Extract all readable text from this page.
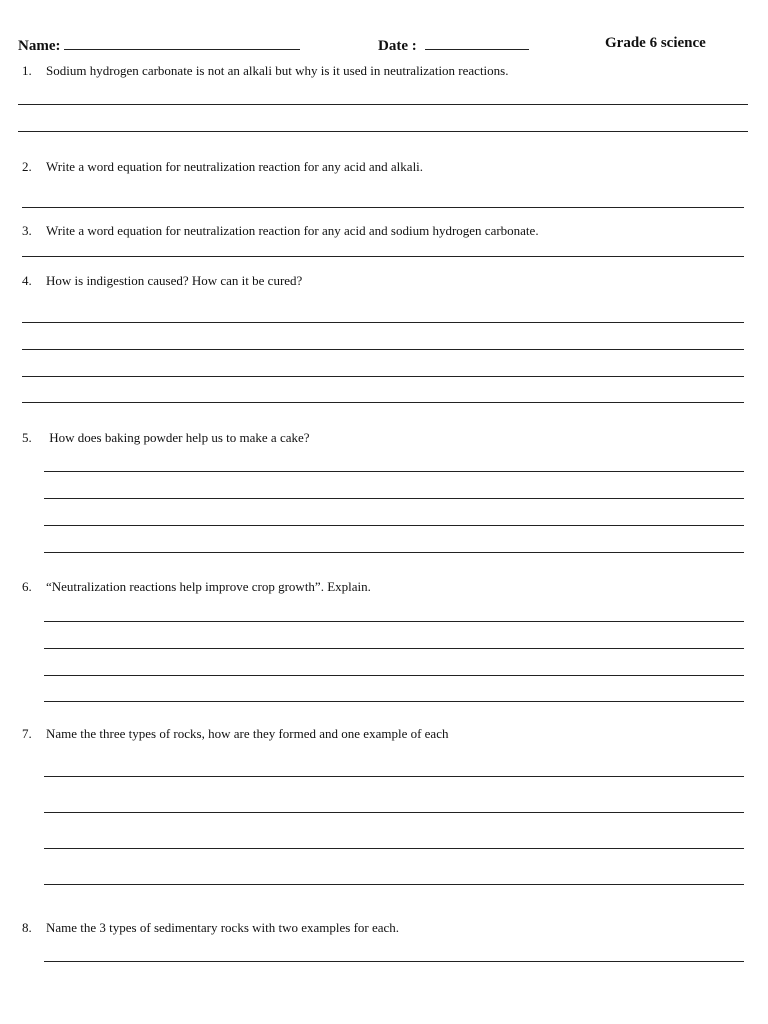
Name:	Date :	Grade 6 science
1. Sodium hydrogen carbonate is not an alkali but why is it used in neutralization reactions.
2. Write a word equation for neutralization reaction for any acid and alkali.
3. Write a word equation for neutralization reaction for any acid and sodium hydrogen carbonate.
4. How is indigestion caused? How can it be cured?
5. How does baking powder help us to make a cake?
6. “Neutralization reactions help improve crop growth”. Explain.
7. Name the three types of rocks, how are they formed and one example of each
8. Name the 3 types of sedimentary rocks with two examples for each.
